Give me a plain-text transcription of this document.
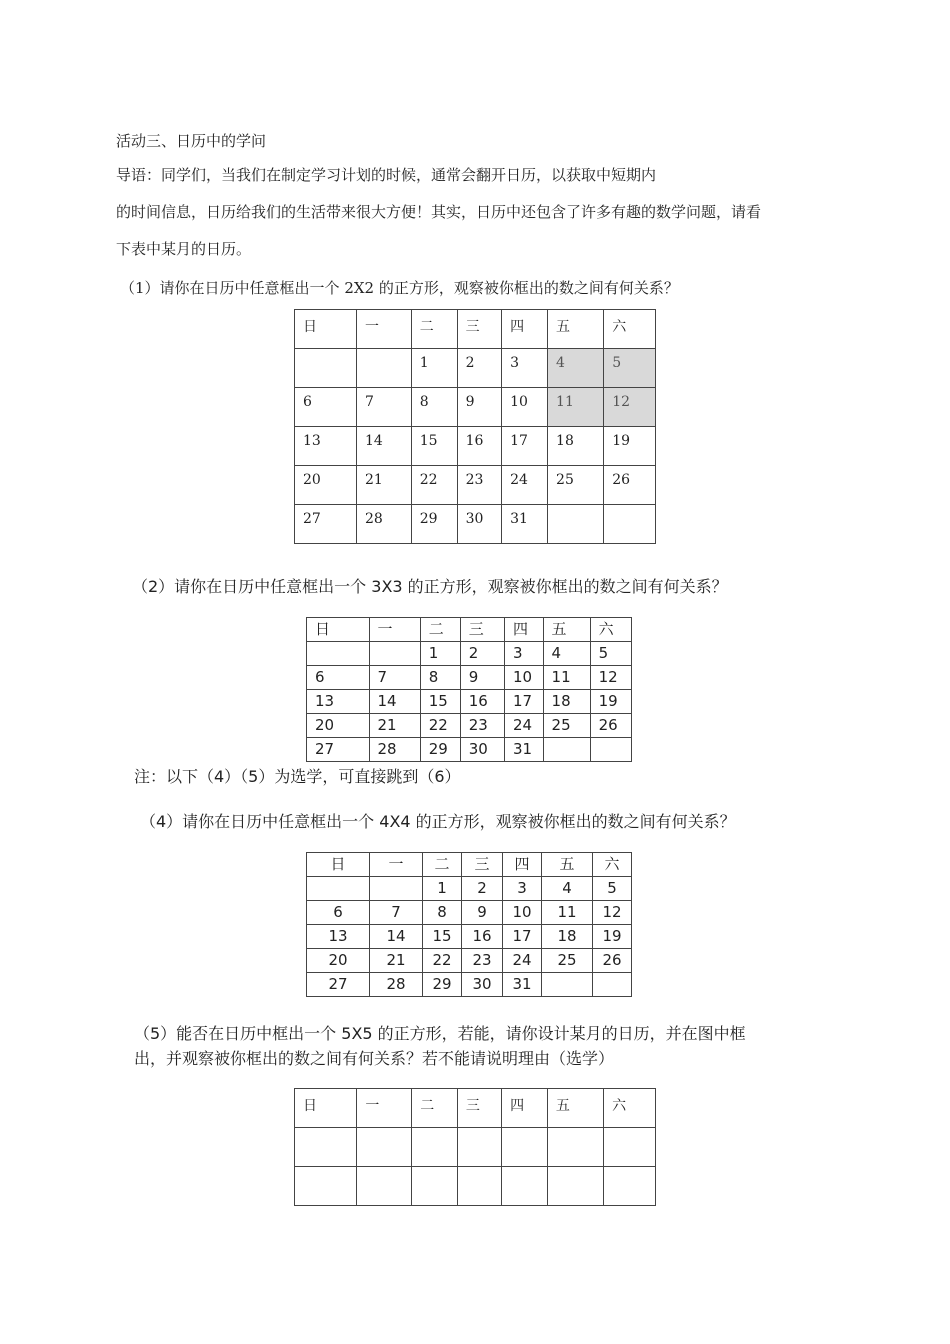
活动三、日历中的学问
导语：同学们，当我们在制定学习计划的时候，通常会翻开日历，以获取中短期内
的时间信息，日历给我们的生活带来很大方便！其实，日历中还包含了许多有趣的数学问题，请看
下表中某月的日历。
（1）请你在日历中任意框出一个 2X2 的正方形，观察被你框出的数之间有何关系？
日	一	二	三	四	五	六
		1	2	3	4	5
6	7	8	9	10	11	12
13	14	15	16	17	18	19
20	21	22	23	24	25	26
27	28	29	30	31		
（2）请你在日历中任意框出一个 3X3 的正方形，观察被你框出的数之间有何关系？
日	一	二	三	四	五	六
		1	2	3	4	5
6	7	8	9	10	11	12
13	14	15	16	17	18	19
20	21	22	23	24	25	26
27	28	29	30	31		
注：以下（4）（5）为选学，可直接跳到（6）
（4）请你在日历中任意框出一个 4X4 的正方形，观察被你框出的数之间有何关系？
日	一	二	三	四	五	六
		1	2	3	4	5
6	7	8	9	10	11	12
13	14	15	16	17	18	19
20	21	22	23	24	25	26
27	28	29	30	31		
（5）能否在日历中框出一个 5X5 的正方形，若能，请你设计某月的日历，并在图中框
出，并观察被你框出的数之间有何关系？若不能请说明理由（选学）
日	一	二	三	四	五	六
